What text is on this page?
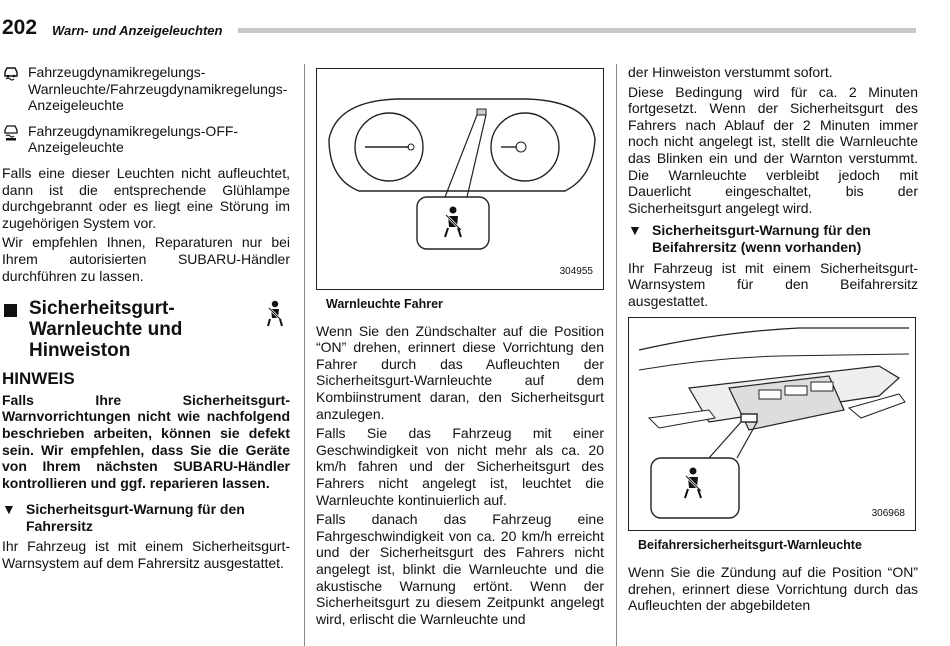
202 Warn- und Anzeigeleuchten
Fahrzeugdynamikregelungs-Warnleuchte/Fahrzeugdynamikregelungs-Anzeigeleuchte
Fahrzeugdynamikregelungs-OFF-Anzeigeleuchte

Falls eine dieser Leuchten nicht aufleuchtet, dann ist die entsprechende Glühlampe durchgebrannt oder es liegt eine Störung im zugehörigen System vor.

Wir empfehlen Ihnen, Reparaturen nur bei Ihrem autorisierten SUBARU-Händler durchführen zu lassen.

Sicherheitsgurt-Warnleuchte und Hinweiston
HINWEIS
Falls Ihre Sicherheitsgurt-Warnvorrichtungen nicht wie nachfolgend beschrieben arbeiten, können sie defekt sein. Wir empfehlen, dass Sie die Geräte von Ihrem nächsten SUBARU-Händler kontrollieren und ggf. reparieren lassen.
▼ Sicherheitsgurt-Warnung für den Fahrersitz

Ihr Fahrzeug ist mit einem Sicherheitsgurt-Warnsystem auf dem Fahrersitz ausgestattet.

304955
Warnleuchte Fahrer

Wenn Sie den Zündschalter auf die Position “ON” drehen, erinnert diese Vorrichtung den Fahrer durch das Aufleuchten der Sicherheitsgurt-Warnleuchte auf dem Kombiinstrument daran, den Sicherheitsgurt anzulegen.

Falls Sie das Fahrzeug mit einer Geschwindigkeit von nicht mehr als ca. 20 km/h fahren und der Sicherheitsgurt des Fahrers nicht angelegt ist, leuchtet die Warnleuchte kontinuierlich auf.

Falls danach das Fahrzeug eine Fahrgeschwindigkeit von ca. 20 km/h erreicht und der Sicherheitsgurt des Fahrers nicht angelegt ist, blinkt die Warnleuchte und die akustische Warnung ertönt. Wenn der Sicherheitsgurt zu diesem Zeitpunkt angelegt wird, erlischt die Warnleuchte und

der Hinweiston verstummt sofort.

Diese Bedingung wird für ca. 2 Minuten fortgesetzt. Wenn der Sicherheitsgurt des Fahrers nach Ablauf der 2 Minuten immer noch nicht angelegt ist, stellt die Warnleuchte das Blinken ein und der Warnton verstummt. Die Warnleuchte verbleibt jedoch mit Dauerlicht eingeschaltet, bis der Sicherheitsgurt angelegt wird.

▼ Sicherheitsgurt-Warnung für den Beifahrersitz (wenn vorhanden)

Ihr Fahrzeug ist mit einem Sicherheitsgurt-Warnsystem für den Beifahrersitz ausgestattet.

306968
Beifahrersicherheitsgurt-Warnleuchte

Wenn Sie die Zündung auf die Position “ON” drehen, erinnert diese Vorrichtung durch das Aufleuchten der abgebildeten
